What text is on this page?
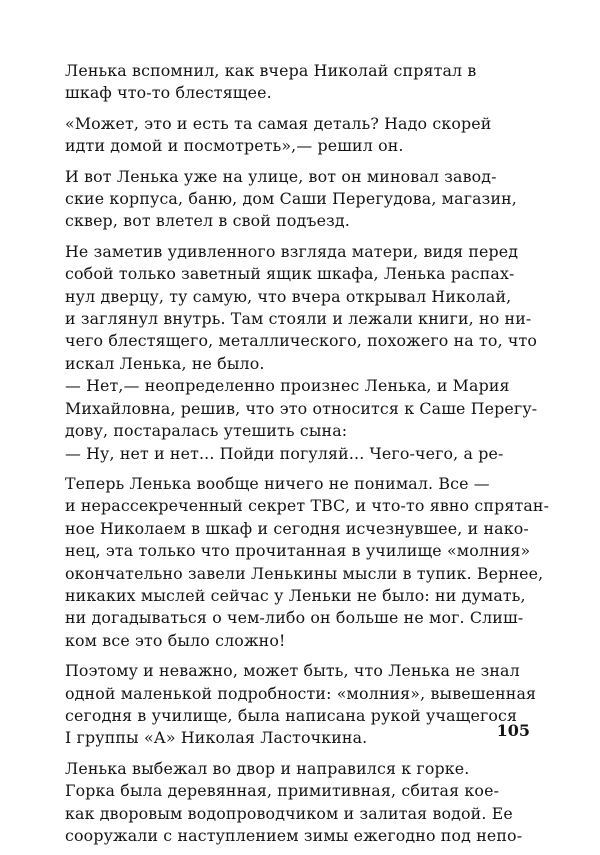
Ленька вспомнил, как вчера Николай спрятал в
шкаф что-то блестящее.

«Может, это и есть та самая деталь? Надо скорей
идти домой и посмотреть»,— решил он.

И вот Ленька уже на улице, вот он миновал завод-
ские корпуса, баню, дом Саши Перегудова, магазин,
сквер, вот влетел в свой подъезд.

Не заметив удивленного взгляда матери, видя перед
собой только заветный ящик шкафа, Ленька распах-
нул дверцу, ту самую, что вчера открывал Николай,
и заглянул внутрь. Там стояли и лежали книги, но ни-
чего блестящего, металлического, похожего на то, что
искал Ленька, не было.
— Нет,— неопределенно произнес Ленька, и Мария
Михайловна, решив, что это относится к Саше Перегу-
дову, постаралась утешить сына:
— Ну, нет и нет... Пойди погуляй... Чего-чего, а ре-

Теперь Ленька вообще ничего не понимал. Все —
и нерассекреченный секрет ТВС, и что-то явно спрятан-
ное Николаем в шкаф и сегодня исчезнувшее, и нако-
нец, эта только что прочитанная в училище «молния»
окончательно завели Ленькины мысли в тупик. Вернее,
никаких мыслей сейчас у Леньки не было: ни думать,
ни догадываться о чем-либо он больше не мог. Слиш-
ком все это было сложно!

Поэтому и неважно, может быть, что Ленька не знал
одной маленькой подробности: «молния», вывешенная
сегодня в училище, была написана рукой учащегося
I группы «А» Николая Ласточкина.

Ленька выбежал во двор и направился к горке.
Горка была деревянная, примитивная, сбитая кое-
как дворовым водопроводчиком и залитая водой. Ее
сооружали с наступлением зимы ежегодно под непо-

105
